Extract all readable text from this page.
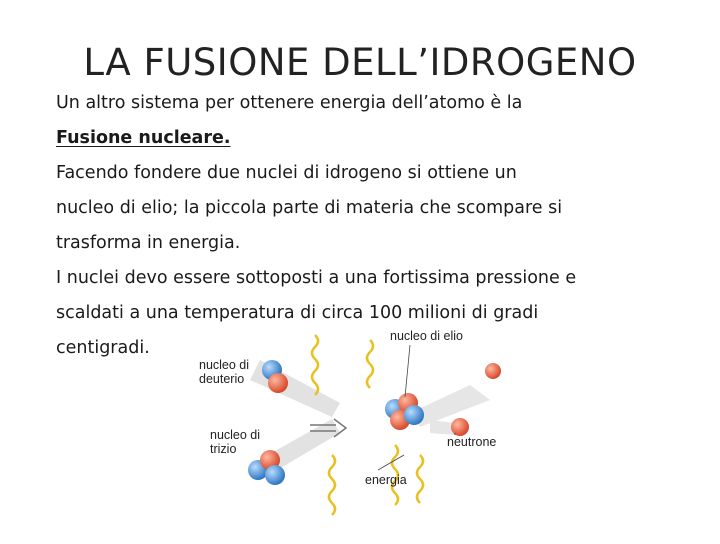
LA FUSIONE DELL’IDROGENO
Un altro sistema per ottenere energia dell’atomo è la
Fusione nucleare.
Facendo fondere due nuclei di idrogeno si ottiene un
nucleo di elio; la piccola parte di materia che scompare si
trasforma in energia.
I nuclei devo essere sottoposti a una fortissima pressione e
scaldati a una temperatura di circa 100 milioni di gradi
centigradi.
nucleo di deuterio
nucleo di trizio
nucleo di elio
neutrone
energia
